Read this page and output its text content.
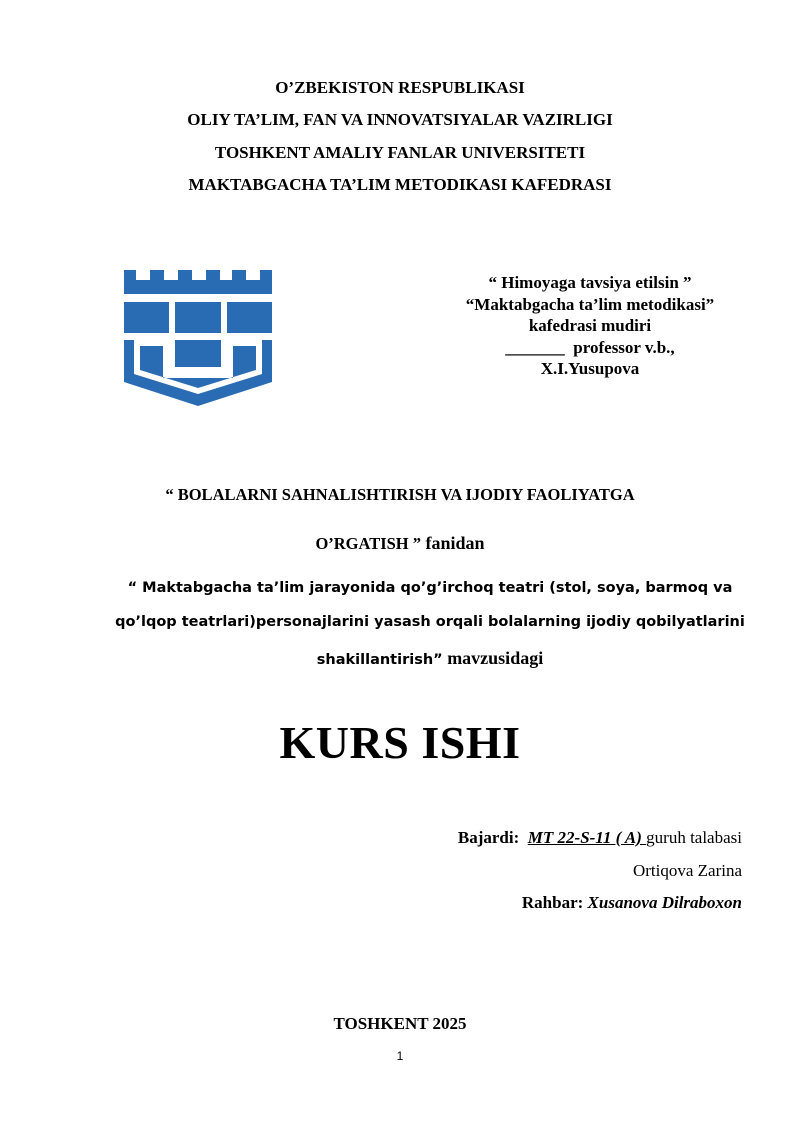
O’ZBEKISTON RESPUBLIKASI
OLIY TA’LIM, FAN VA INNOVATSIYALAR VAZIRLIGI
TOSHKENT AMALIY FANLAR UNIVERSITETI
MAKTABGACHA TA’LIM METODIKASI KAFEDRASI
“ Himoyaga tavsiya etilsin ”
“Maktabgacha ta’lim metodikasi”
kafedrasi mudiri
_______  professor v.b.,
X.I.Yusupova
“ BOLALARNI SAHNALISHTIRISH VA IJODIY FAOLIYATGA
O’RGATISH ” fanidan
“ Maktabgacha ta’lim jarayonida qo’g’irchoq teatri (stol, soya, barmoq va
qo’lqop teatrlari)personajlarini yasash orqali bolalarning ijodiy qobilyatlarini
shakillantirish” mavzusidagi
KURS ISHI
Bajardi: MT 22-S-11 ( A) guruh talabasi
Ortiqova Zarina
Rahbar: Xusanova Dilraboxon
TOSHKENT 2025
1
